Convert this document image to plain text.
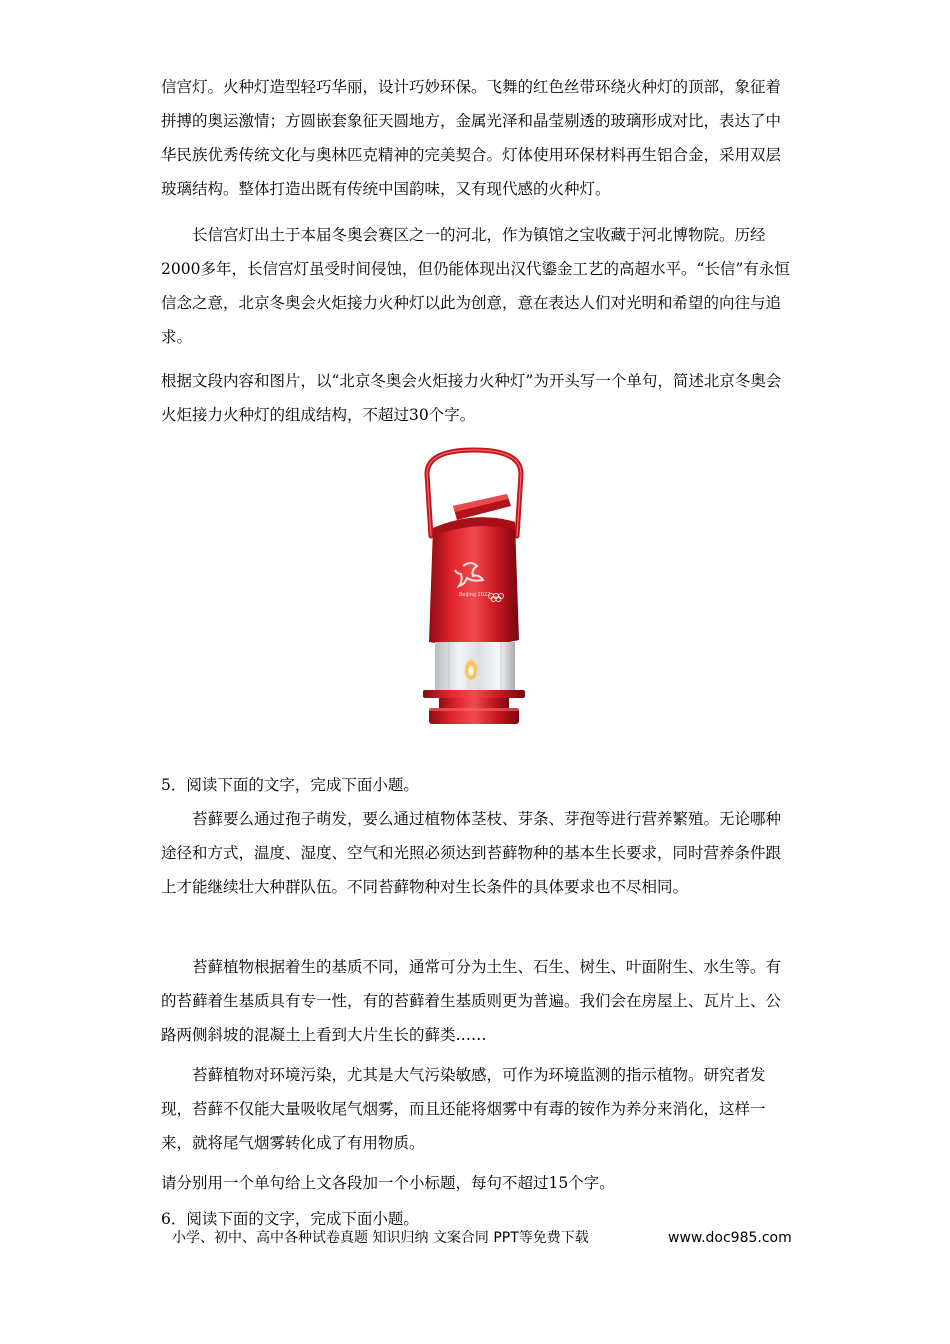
信宫灯。火种灯造型轻巧华丽，设计巧妙环保。飞舞的红色丝带环绕火种灯的顶部，象征着拼搏的奥运激情；方圆嵌套象征天圆地方，金属光泽和晶莹剔透的玻璃形成对比，表达了中华民族优秀传统文化与奥林匹克精神的完美契合。灯体使用环保材料再生铝合金，采用双层玻璃结构。整体打造出既有传统中国韵味，又有现代感的火种灯。

长信宫灯出土于本届冬奥会赛区之一的河北，作为镇馆之宝收藏于河北博物院。历经2000多年，长信宫灯虽受时间侵蚀，但仍能体现出汉代鎏金工艺的高超水平。“长信”有永恒信念之意，北京冬奥会火炬接力火种灯以此为创意，意在表达人们对光明和希望的向往与追求。

根据文段内容和图片，以“北京冬奥会火炬接力火种灯”为开头写一个单句，简述北京冬奥会火炬接力火种灯的组成结构，不超过30个字。

Beijing 2022

5．阅读下面的文字，完成下面小题。

苔藓要么通过孢子萌发，要么通过植物体茎枝、芽条、芽孢等进行营养繁殖。无论哪种途径和方式，温度、湿度、空气和光照必须达到苔藓物种的基本生长要求，同时营养条件跟上才能继续壮大种群队伍。不同苔藓物种对生长条件的具体要求也不尽相同。

苔藓植物根据着生的基质不同，通常可分为土生、石生、树生、叶面附生、水生等。有的苔藓着生基质具有专一性，有的苔藓着生基质则更为普遍。我们会在房屋上、瓦片上、公路两侧斜坡的混凝土上看到大片生长的藓类……

苔藓植物对环境污染，尤其是大气污染敏感，可作为环境监测的指示植物。研究者发现，苔藓不仅能大量吸收尾气烟雾，而且还能将烟雾中有毒的铵作为养分来消化，这样一来，就将尾气烟雾转化成了有用物质。

请分别用一个单句给上文各段加一个小标题，每句不超过15个字。

6．阅读下面的文字，完成下面小题。

小学、初中、高中各种试卷真题 知识归纳 文案合同 PPT等免费下载	www.doc985.com
